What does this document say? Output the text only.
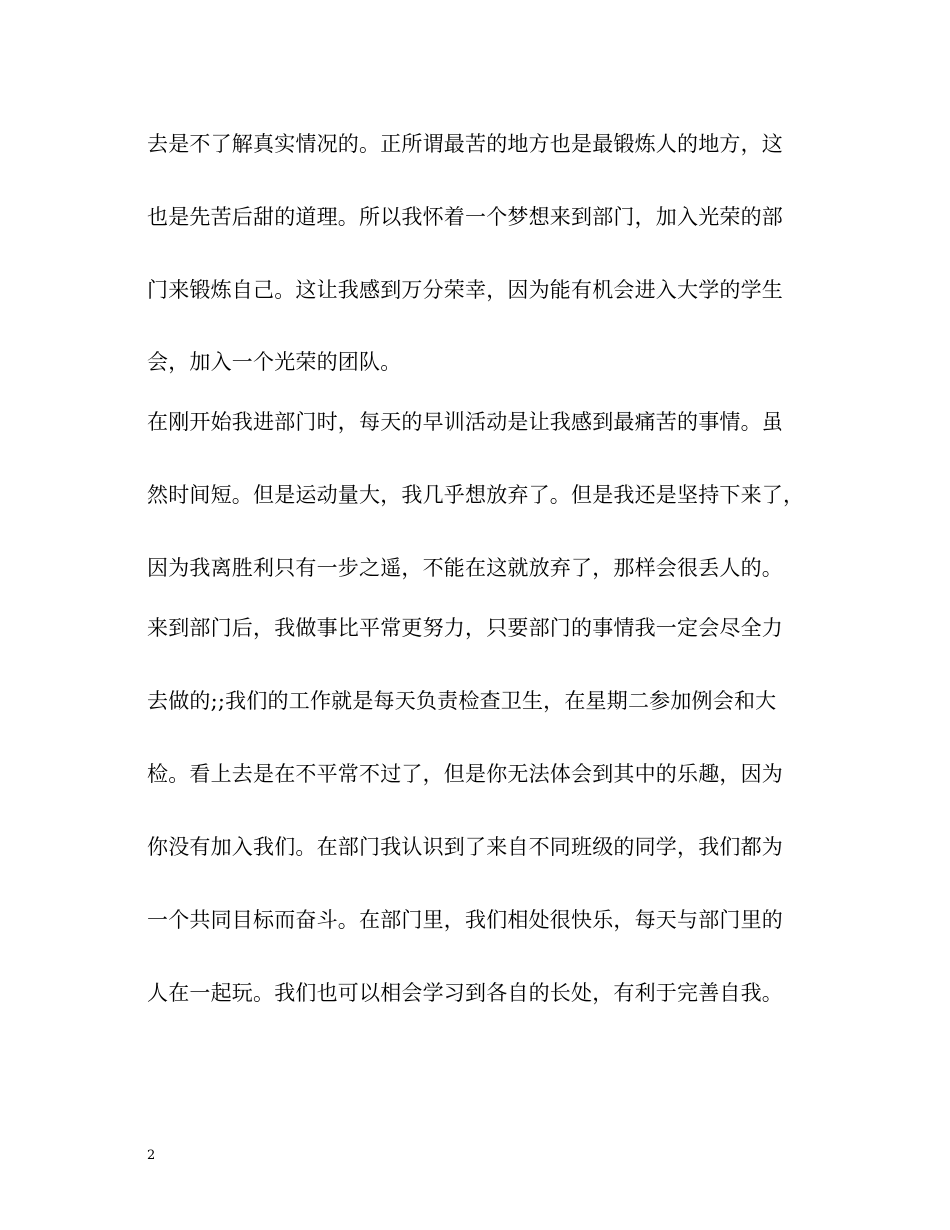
去是不了解真实情况的。正所谓最苦的地方也是最锻炼人的地方，这

也是先苦后甜的道理。所以我怀着一个梦想来到部门，加入光荣的部

门来锻炼自己。这让我感到万分荣幸，因为能有机会进入大学的学生

会，加入一个光荣的团队。

在刚开始我进部门时，每天的早训活动是让我感到最痛苦的事情。虽

然时间短。但是运动量大，我几乎想放弃了。但是我还是坚持下来了，

因为我离胜利只有一步之遥，不能在这就放弃了，那样会很丢人的。

来到部门后，我做事比平常更努力，只要部门的事情我一定会尽全力

去做的;;我们的工作就是每天负责检查卫生，在星期二参加例会和大

检。看上去是在不平常不过了，但是你无法体会到其中的乐趣，因为

你没有加入我们。在部门我认识到了来自不同班级的同学，我们都为

一个共同目标而奋斗。在部门里，我们相处很快乐，每天与部门里的

人在一起玩。我们也可以相会学习到各自的长处，有利于完善自我。

2
